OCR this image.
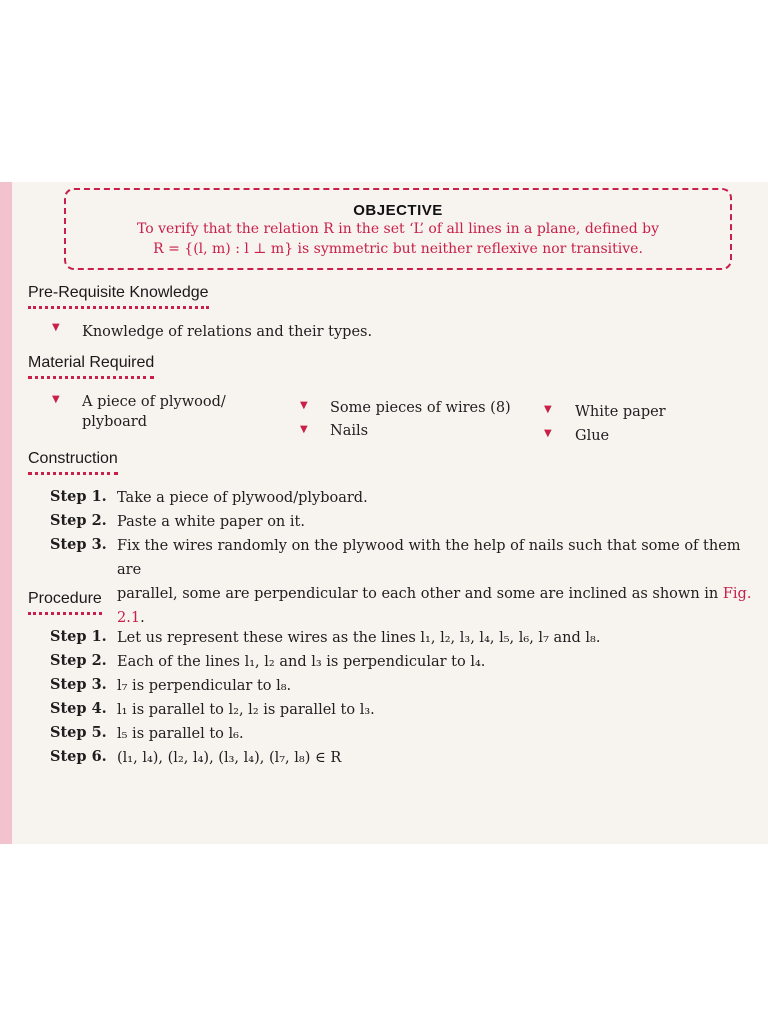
OBJECTIVE
To verify that the relation R in the set ‘L’ of all lines in a plane, defined by
R = {(l, m) : l ⊥ m} is symmetric but neither reflexive nor transitive.
Pre-Requisite Knowledge
▼ Knowledge of relations and their types.
Material Required
▼ A piece of plywood/
plyboard
▼ Some pieces of wires (8)
▼ Nails
▼ White paper
▼ Glue
Construction
Step 1. Take a piece of plywood/plyboard.
Step 2. Paste a white paper on it.
Step 3. Fix the wires randomly on the plywood with the help of nails such that some of them are
parallel, some are perpendicular to each other and some are inclined as shown in Fig. 2.1.
Procedure
Step 1. Let us represent these wires as the lines l₁, l₂, l₃, l₄, l₅, l₆, l₇ and l₈.
Step 2. Each of the lines l₁, l₂ and l₃ is perpendicular to l₄.
Step 3. l₇ is perpendicular to l₈.
Step 4. l₁ is parallel to l₂, l₂ is parallel to l₃.
Step 5. l₅ is parallel to l₆.
Step 6. (l₁, l₄), (l₂, l₄), (l₃, l₄), (l₇, l₈) ∈ R
